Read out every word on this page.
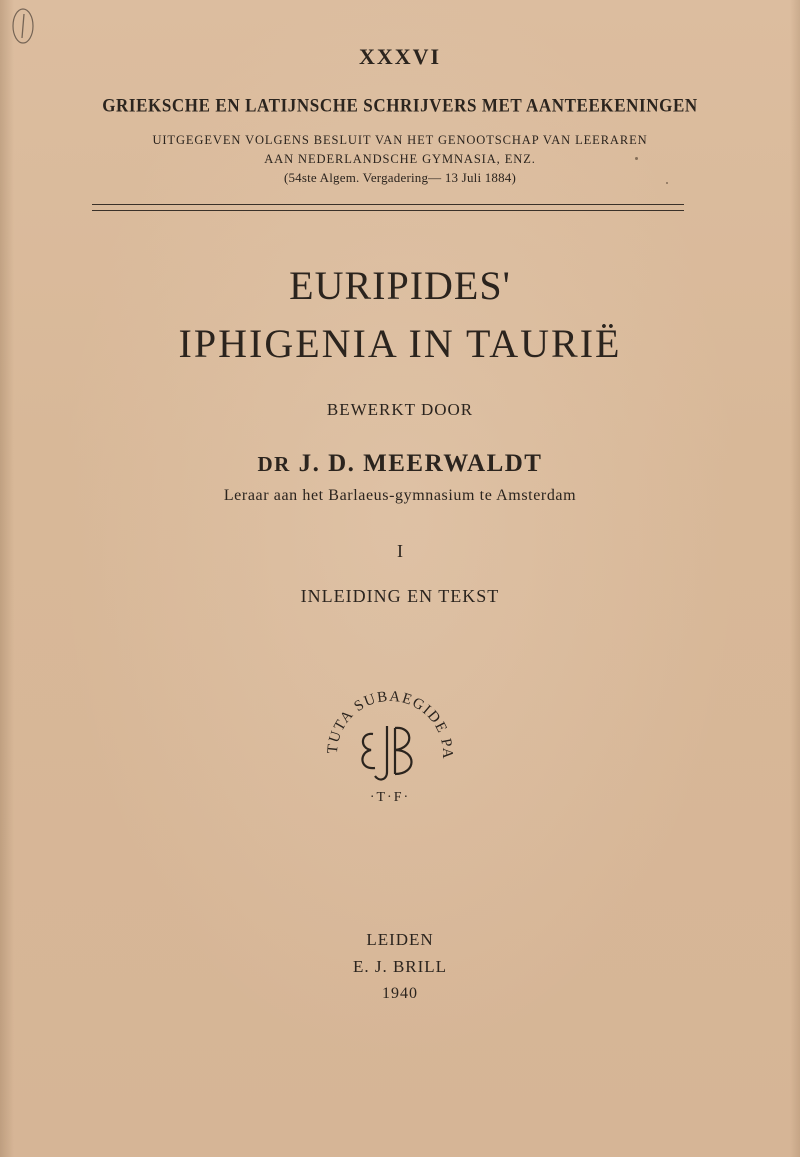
XXXVI
GRIEKSCHE EN LATIJNSCHE SCHRIJVERS MET AANTEEKENINGEN
UITGEGEVEN VOLGENS BESLUIT VAN HET GENOOTSCHAP VAN LEERAREN
AAN NEDERLANDSCHE GYMNASIA, ENZ.
(54ste Algem. Vergadering— 13 Juli 1884)
EURIPIDES'
IPHIGENIA IN TAURIË
BEWERKT DOOR
DR J. D. MEERWALDT
Leraar aan het Barlaeus-gymnasium te Amsterdam
I
INLEIDING EN TEKST
TUTA SUBAEGIDE PA
·T·F·
LEIDEN
E. J. BRILL
1940
